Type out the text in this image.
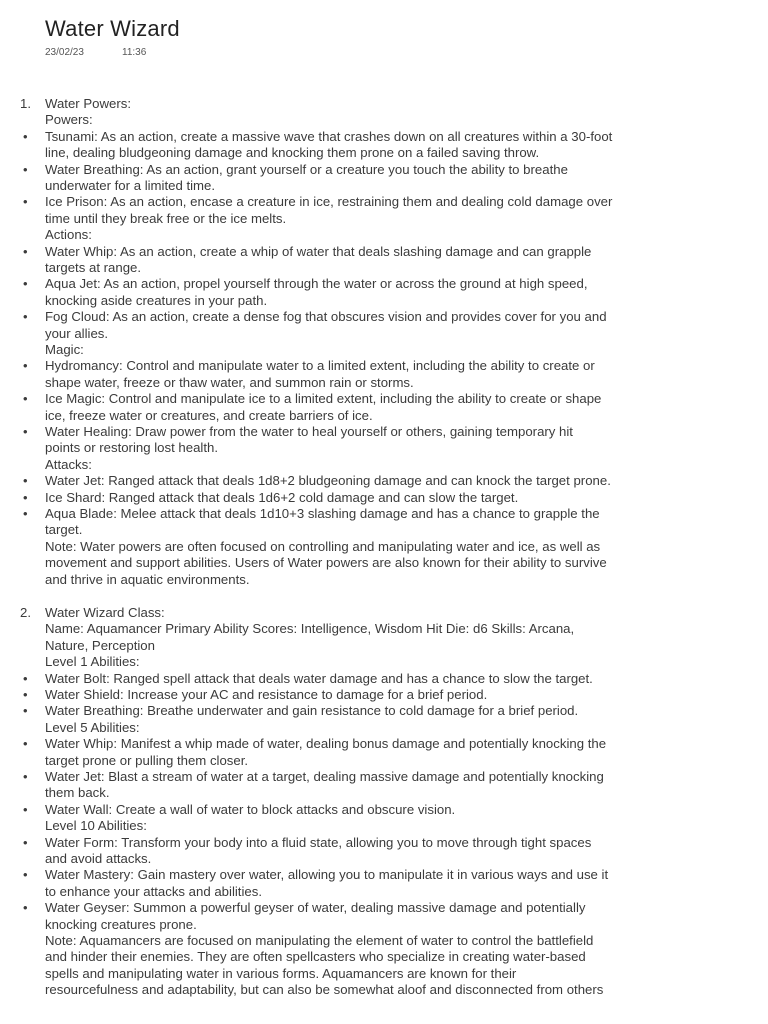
Water Wizard
23/02/23	11:36
1. Water Powers:
Powers:
• Tsunami: As an action, create a massive wave that crashes down on all creatures within a 30-foot
line, dealing bludgeoning damage and knocking them prone on a failed saving throw.
• Water Breathing: As an action, grant yourself or a creature you touch the ability to breathe
underwater for a limited time.
• Ice Prison: As an action, encase a creature in ice, restraining them and dealing cold damage over
time until they break free or the ice melts.
Actions:
• Water Whip: As an action, create a whip of water that deals slashing damage and can grapple
targets at range.
• Aqua Jet: As an action, propel yourself through the water or across the ground at high speed,
knocking aside creatures in your path.
• Fog Cloud: As an action, create a dense fog that obscures vision and provides cover for you and
your allies.
Magic:
• Hydromancy: Control and manipulate water to a limited extent, including the ability to create or
shape water, freeze or thaw water, and summon rain or storms.
• Ice Magic: Control and manipulate ice to a limited extent, including the ability to create or shape
ice, freeze water or creatures, and create barriers of ice.
• Water Healing: Draw power from the water to heal yourself or others, gaining temporary hit
points or restoring lost health.
Attacks:
• Water Jet: Ranged attack that deals 1d8+2 bludgeoning damage and can knock the target prone.
• Ice Shard: Ranged attack that deals 1d6+2 cold damage and can slow the target.
• Aqua Blade: Melee attack that deals 1d10+3 slashing damage and has a chance to grapple the
target.
Note: Water powers are often focused on controlling and manipulating water and ice, as well as
movement and support abilities. Users of Water powers are also known for their ability to survive
and thrive in aquatic environments.
2. Water Wizard Class:
Name: Aquamancer Primary Ability Scores: Intelligence, Wisdom Hit Die: d6 Skills: Arcana,
Nature, Perception
Level 1 Abilities:
• Water Bolt: Ranged spell attack that deals water damage and has a chance to slow the target.
• Water Shield: Increase your AC and resistance to damage for a brief period.
• Water Breathing: Breathe underwater and gain resistance to cold damage for a brief period.
Level 5 Abilities:
• Water Whip: Manifest a whip made of water, dealing bonus damage and potentially knocking the
target prone or pulling them closer.
• Water Jet: Blast a stream of water at a target, dealing massive damage and potentially knocking
them back.
• Water Wall: Create a wall of water to block attacks and obscure vision.
Level 10 Abilities:
• Water Form: Transform your body into a fluid state, allowing you to move through tight spaces
and avoid attacks.
• Water Mastery: Gain mastery over water, allowing you to manipulate it in various ways and use it
to enhance your attacks and abilities.
• Water Geyser: Summon a powerful geyser of water, dealing massive damage and potentially
knocking creatures prone.
Note: Aquamancers are focused on manipulating the element of water to control the battlefield
and hinder their enemies. They are often spellcasters who specialize in creating water-based
spells and manipulating water in various forms. Aquamancers are known for their
resourcefulness and adaptability, but can also be somewhat aloof and disconnected from others
